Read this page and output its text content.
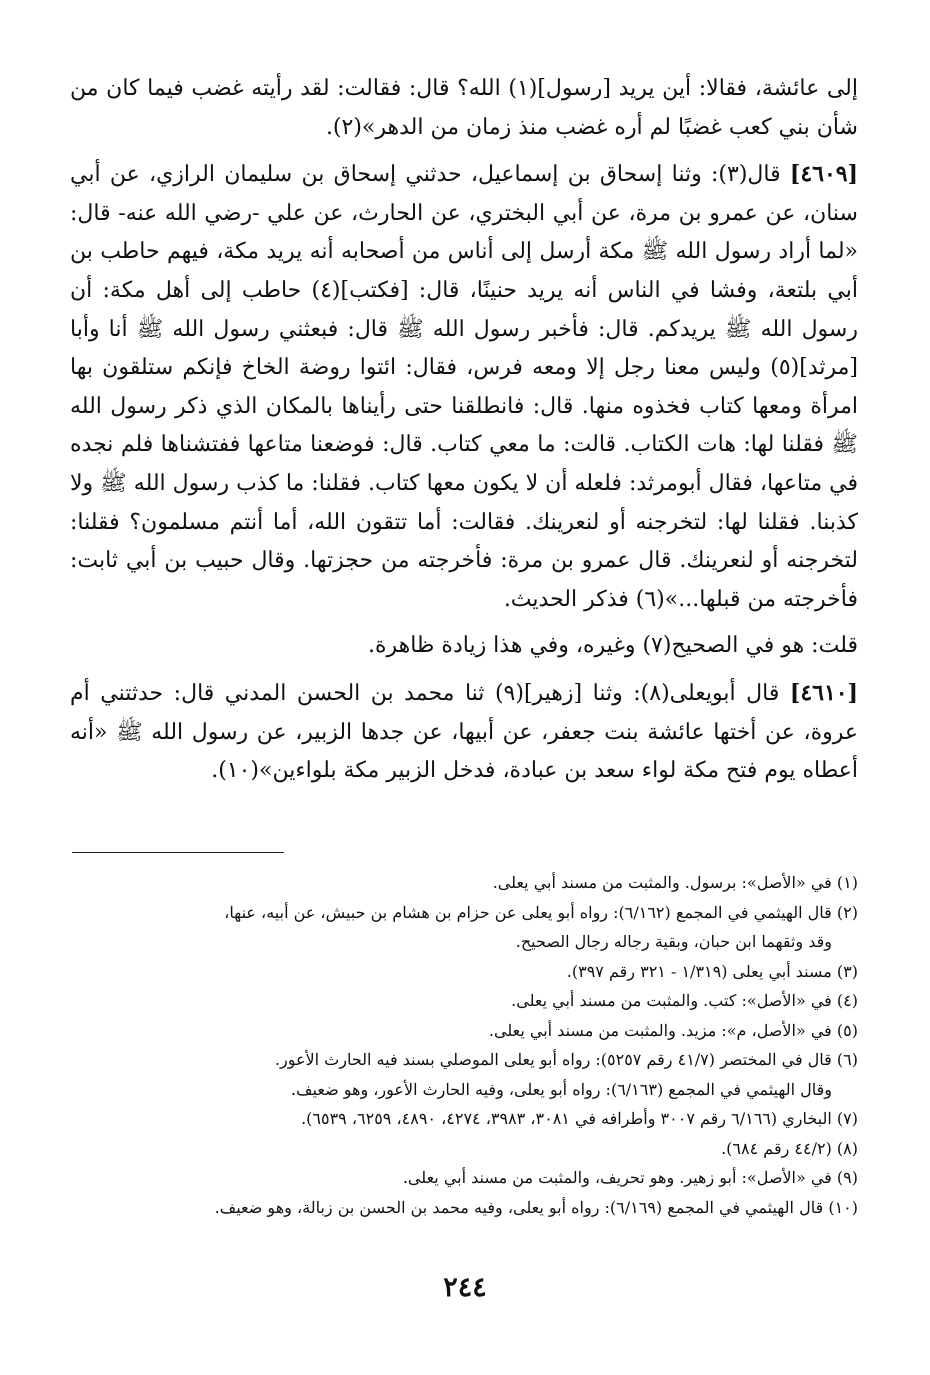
إلى عائشة، فقالا: أين يريد [رسول](١) الله؟ قال: فقالت: لقد رأيته غضب فيما كان من شأن بني كعب غضبًا لم أره غضب منذ زمان من الدهر»(٢).

[٤٦٠٩] قال(٣): وثنا إسحاق بن إسماعيل، حدثني إسحاق بن سليمان الرازي، عن أبي سنان، عن عمرو بن مرة، عن أبي البختري، عن الحارث، عن علي -رضي الله عنه- قال: «لما أراد رسول الله ﷺ مكة أرسل إلى أناس من أصحابه أنه يريد مكة، فيهم حاطب بن أبي بلتعة، وفشا في الناس أنه يريد حنينًا، قال: [فكتب](٤) حاطب إلى أهل مكة: أن رسول الله ﷺ يريدكم. قال: فأخبر رسول الله ﷺ قال: فبعثني رسول الله ﷺ أنا وأبا [مرثد](٥) وليس معنا رجل إلا ومعه فرس، فقال: ائتوا روضة الخاخ فإنكم ستلقون بها امرأة ومعها كتاب فخذوه منها. قال: فانطلقنا حتى رأيناها بالمكان الذي ذكر رسول الله ﷺ فقلنا لها: هات الكتاب. قالت: ما معي كتاب. قال: فوضعنا متاعها ففتشناها فلم نجده في متاعها، فقال أبومرثد: فلعله أن لا يكون معها كتاب. فقلنا: ما كذب رسول الله ﷺ ولا كذبنا. فقلنا لها: لتخرجنه أو لنعرينك. فقالت: أما تتقون الله، أما أنتم مسلمون؟ فقلنا: لتخرجنه أو لنعرينك. قال عمرو بن مرة: فأخرجته من حجزتها. وقال حبيب بن أبي ثابت: فأخرجته من قبلها...»(٦) فذكر الحديث.

قلت: هو في الصحيح(٧) وغيره، وفي هذا زيادة ظاهرة.

[٤٦١٠] قال أبويعلى(٨): وثنا [زهير](٩) ثنا محمد بن الحسن المدني قال: حدثتني أم عروة، عن أختها عائشة بنت جعفر، عن أبيها، عن جدها الزبير، عن رسول الله ﷺ «أنه أعطاه يوم فتح مكة لواء سعد بن عبادة، فدخل الزبير مكة بلواءين»(١٠).

(١) في «الأصل»: برسول. والمثبت من مسند أبي يعلى.

(٢) قال الهيثمي في المجمع (٦/١٦٢): رواه أبو يعلى عن حزام بن هشام بن حبيش، عن أبيه، عنها،

وقد وثقهما ابن حبان، وبقية رجاله رجال الصحيح.

(٣) مسند أبي يعلى (١/٣١٩ - ٣٢١ رقم ٣٩٧).

(٤) في «الأصل»: كتب. والمثبت من مسند أبي يعلى.

(٥) في «الأصل، م»: مزيد. والمثبت من مسند أبي يعلى.

(٦) قال في المختصر (٤١/٧ رقم ٥٢٥٧): رواه أبو يعلى الموصلي بسند فيه الحارث الأعور.

وقال الهيثمي في المجمع (٦/١٦٣): رواه أبو يعلى، وفيه الحارث الأعور، وهو ضعيف.

(٧) البخاري (٦/١٦٦ رقم ٣٠٠٧ وأطرافه في ٣٠٨١، ٣٩٨٣، ٤٢٧٤، ٤٨٩٠، ٦٢٥٩، ٦٥٣٩).

(٨) (٤٤/٢ رقم ٦٨٤).

(٩) في «الأصل»: أبو زهير. وهو تحريف، والمثبت من مسند أبي يعلى.

(١٠) قال الهيثمي في المجمع (٦/١٦٩): رواه أبو يعلى، وفيه محمد بن الحسن بن زبالة، وهو ضعيف.

٢٤٤
